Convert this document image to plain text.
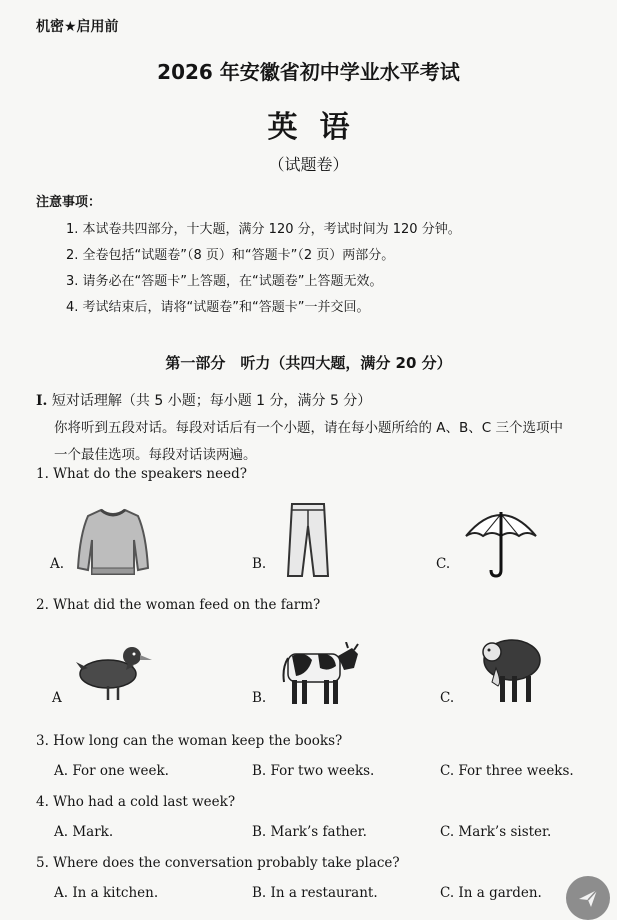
机密★启用前
2026 年安徽省初中学业水平考试
英语
（试题卷）
注意事项：
1. 本试卷共四部分，十大题，满分 120 分，考试时间为 120 分钟。
2. 全卷包括“试题卷”（8 页）和“答题卡”（2 页）两部分。
3. 请务必在“答题卡”上答题，在“试题卷”上答题无效。
4. 考试结束后，请将“试题卷”和“答题卡”一并交回。
第一部分　听力（共四大题，满分 20 分）
I. 短对话理解（共 5 小题；每小题 1 分，满分 5 分）
你将听到五段对话。每段对话后有一个小题，请在每小题所给的 A、B、C 三个选项中
一个最佳选项。每段对话读两遍。
1. What do the speakers need?
A.	B.	C.
2. What did the woman feed on the farm?
A	B.	C.
3. How long can the woman keep the books?
A. For one week.	B. For two weeks.	C. For three weeks.
4. Who had a cold last week?
A. Mark.	B. Mark’s father.	C. Mark’s sister.
5. Where does the conversation probably take place?
A. In a kitchen.	B. In a restaurant.	C. In a garden.
